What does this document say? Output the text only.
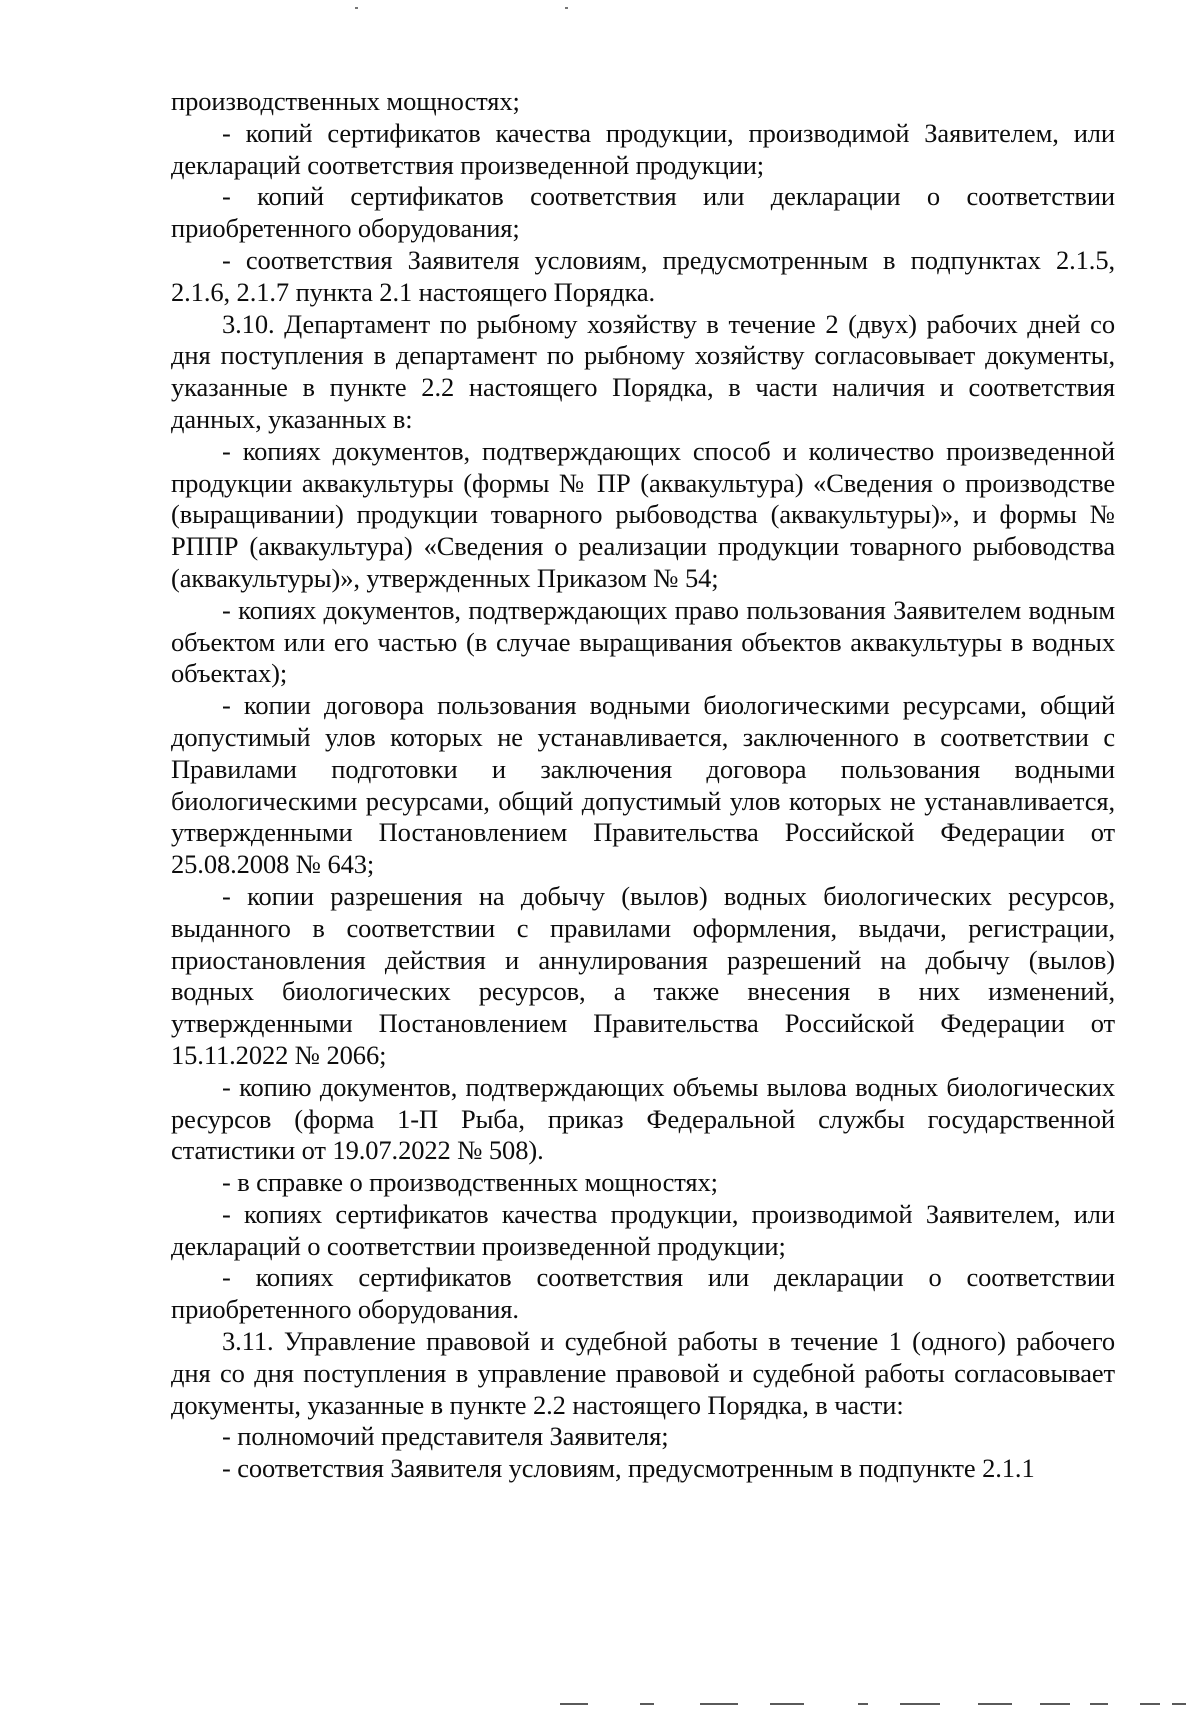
производственных мощностях;

- копий сертификатов качества продукции, производимой Заявителем, или деклараций соответствия произведенной продукции;

- копий сертификатов соответствия или декларации о соответствии приобретенного оборудования;

- соответствия Заявителя условиям, предусмотренным в подпунктах 2.1.5, 2.1.6, 2.1.7 пункта 2.1 настоящего Порядка.

3.10. Департамент по рыбному хозяйству в течение 2 (двух) рабочих дней со дня поступления в департамент по рыбному хозяйству согласовывает документы, указанные в пункте 2.2 настоящего Порядка, в части наличия и соответствия данных, указанных в:

- копиях документов, подтверждающих способ и количество произведенной продукции аквакультуры (формы № ПР (аквакультура) «Сведения о производстве (выращивании) продукции товарного рыбоводства (аквакультуры)», и формы № РППР (аквакультура) «Сведения о реализации продукции товарного рыбоводства (аквакультуры)», утвержденных Приказом № 54;

- копиях документов, подтверждающих право пользования Заявителем водным объектом или его частью (в случае выращивания объектов аквакультуры в водных объектах);

- копии договора пользования водными биологическими ресурсами, общий допустимый улов которых не устанавливается, заключенного в соответствии с Правилами подготовки и заключения договора пользования водными биологическими ресурсами, общий допустимый улов которых не устанавливается, утвержденными Постановлением Правительства Российской Федерации от 25.08.2008 № 643;

- копии разрешения на добычу (вылов) водных биологических ресурсов, выданного в соответствии с правилами оформления, выдачи, регистрации, приостановления действия и аннулирования разрешений на добычу (вылов) водных биологических ресурсов, а также внесения в них изменений, утвержденными Постановлением Правительства Российской Федерации от 15.11.2022 № 2066;

- копию документов, подтверждающих объемы вылова водных биологических ресурсов (форма 1-П Рыба, приказ Федеральной службы государственной статистики от 19.07.2022 № 508).

- в справке о производственных мощностях;

- копиях сертификатов качества продукции, производимой Заявителем, или деклараций о соответствии произведенной продукции;

- копиях сертификатов соответствия или декларации о соответствии приобретенного оборудования.

3.11. Управление правовой и судебной работы в течение 1 (одного) рабочего дня со дня поступления в управление правовой и судебной работы согласовывает документы, указанные в пункте 2.2 настоящего Порядка, в части:

- полномочий представителя Заявителя;

- соответствия Заявителя условиям, предусмотренным в подпункте 2.1.1
